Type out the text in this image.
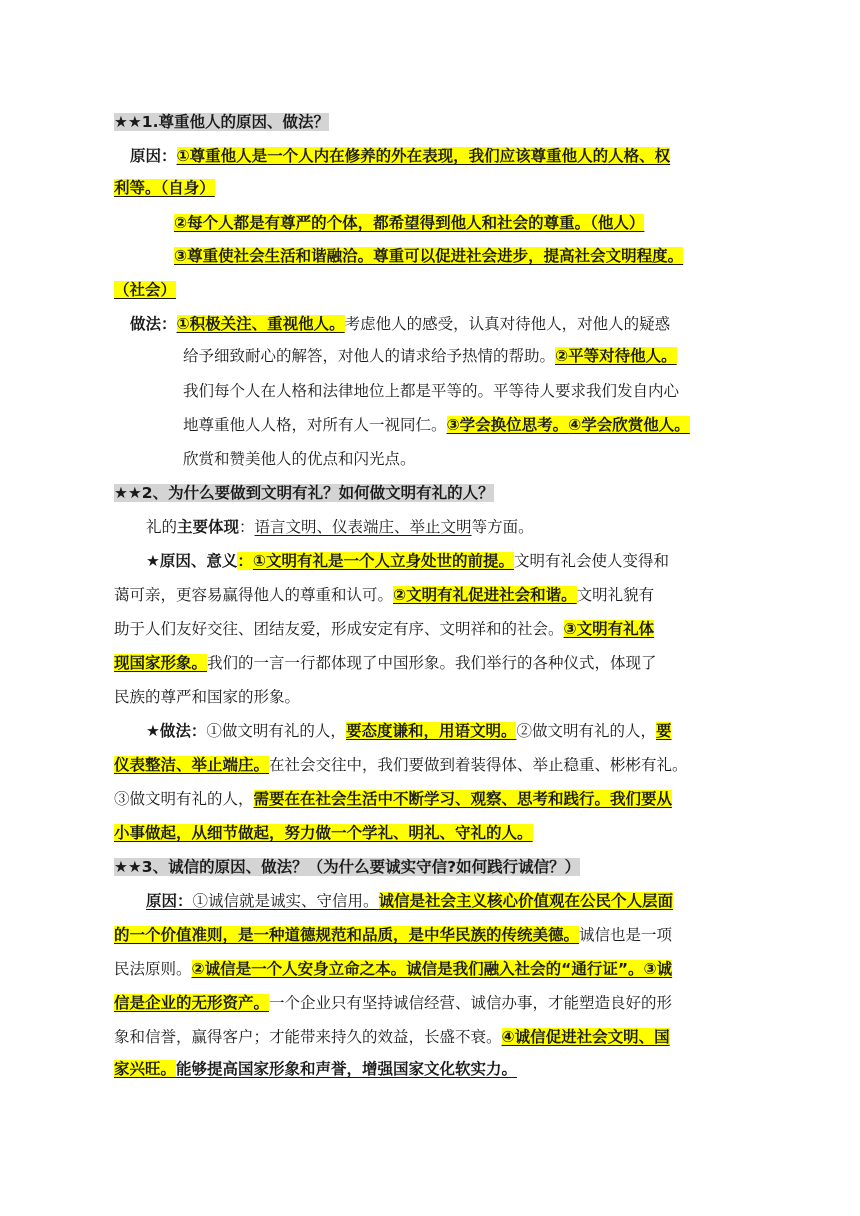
★★1.尊重他人的原因、做法？
原因：①尊重他人是一个人内在修养的外在表现，我们应该尊重他人的人格、权
利等。（自身）
②每个人都是有尊严的个体，都希望得到他人和社会的尊重。（他人）
③尊重使社会生活和谐融洽。尊重可以促进社会进步，提高社会文明程度。
（社会）
做法：①积极关注、重视他人。考虑他人的感受，认真对待他人，对他人的疑惑
给予细致耐心的解答，对他人的请求给予热情的帮助。②平等对待他人。
我们每个人在人格和法律地位上都是平等的。平等待人要求我们发自内心
地尊重他人人格，对所有人一视同仁。③学会换位思考。④学会欣赏他人。
欣赏和赞美他人的优点和闪光点。
★★2、为什么要做到文明有礼？如何做文明有礼的人？
礼的主要体现：语言文明、仪表端庄、举止文明等方面。
★原因、意义：①文明有礼是一个人立身处世的前提。文明有礼会使人变得和
蔼可亲，更容易赢得他人的尊重和认可。②文明有礼促进社会和谐。文明礼貌有
助于人们友好交往、团结友爱，形成安定有序、文明祥和的社会。③文明有礼体
现国家形象。我们的一言一行都体现了中国形象。我们举行的各种仪式，体现了
民族的尊严和国家的形象。
★做法：①做文明有礼的人，要态度谦和，用语文明。②做文明有礼的人，要
仪表整洁、举止端庄。在社会交往中，我们要做到着装得体、举止稳重、彬彬有礼。
③做文明有礼的人，需要在在社会生活中不断学习、观察、思考和践行。我们要从
小事做起，从细节做起，努力做一个学礼、明礼、守礼的人。
★★3、诚信的原因、做法？（为什么要诚实守信?如何践行诚信？）
原因：①诚信就是诚实、守信用。诚信是社会主义核心价值观在公民个人层面
的一个价值准则，是一种道德规范和品质，是中华民族的传统美德。诚信也是一项
民法原则。②诚信是一个人安身立命之本。诚信是我们融入社会的“通行证”。③诚
信是企业的无形资产。一个企业只有坚持诚信经营、诚信办事，才能塑造良好的形
象和信誉，赢得客户；才能带来持久的效益，长盛不衰。④诚信促进社会文明、国
家兴旺。能够提高国家形象和声誉，增强国家文化软实力。
